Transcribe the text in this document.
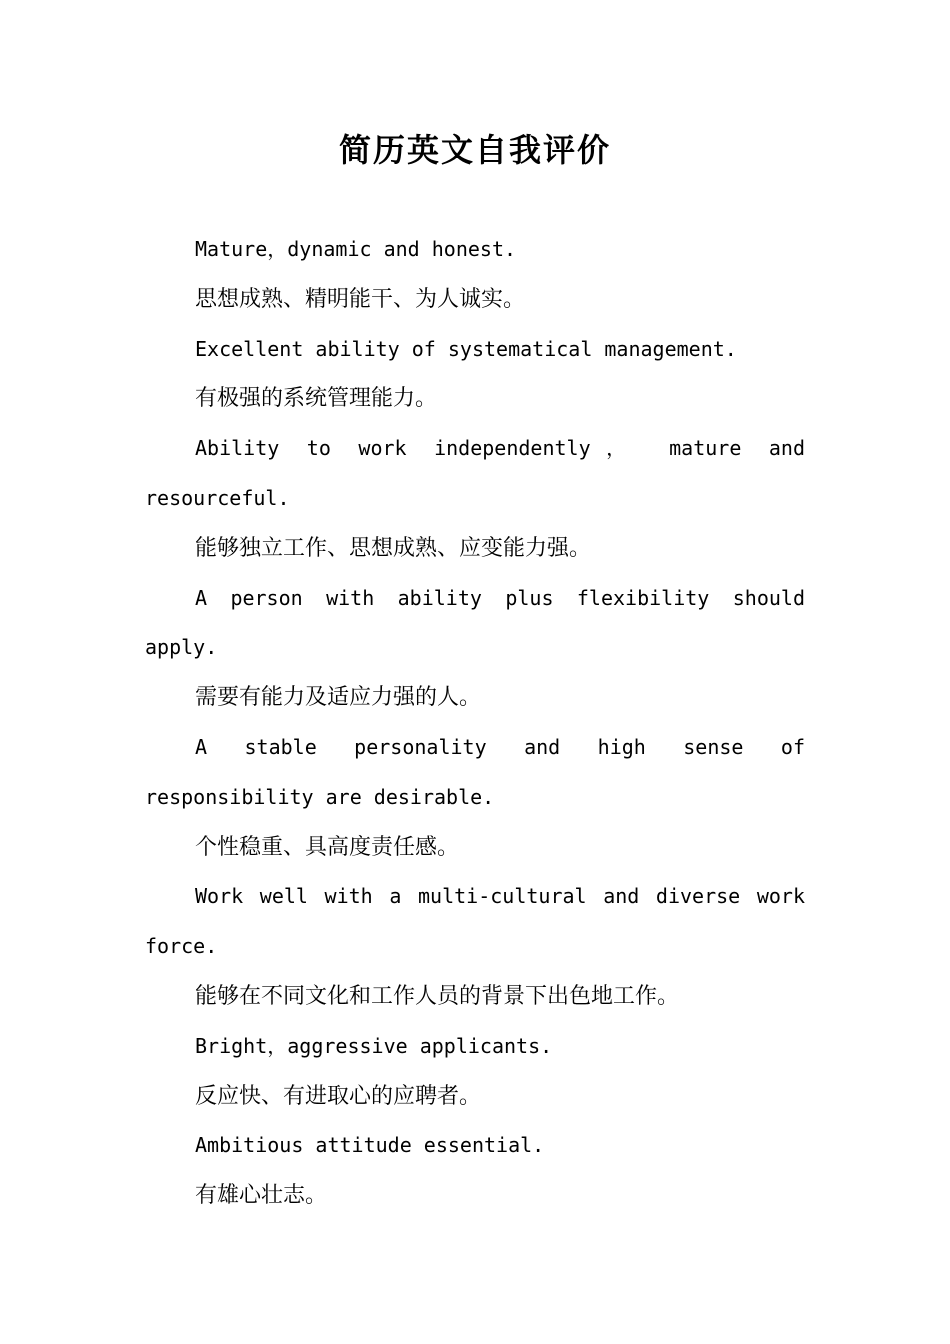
简历英文自我评价

Mature，dynamic and honest.

思想成熟、精明能干、为人诚实。

Excellent ability of systematical management.

有极强的系统管理能力。

Ability to work independently， mature and resourceful.

能够独立工作、思想成熟、应变能力强。

A person with ability plus flexibility should apply.

需要有能力及适应力强的人。

A stable personality and high sense of responsibility are desirable.

个性稳重、具高度责任感。

Work well with a multi-cultural and diverse work force.

能够在不同文化和工作人员的背景下出色地工作。

Bright，aggressive applicants.

反应快、有进取心的应聘者。

Ambitious attitude essential.

有雄心壮志。
